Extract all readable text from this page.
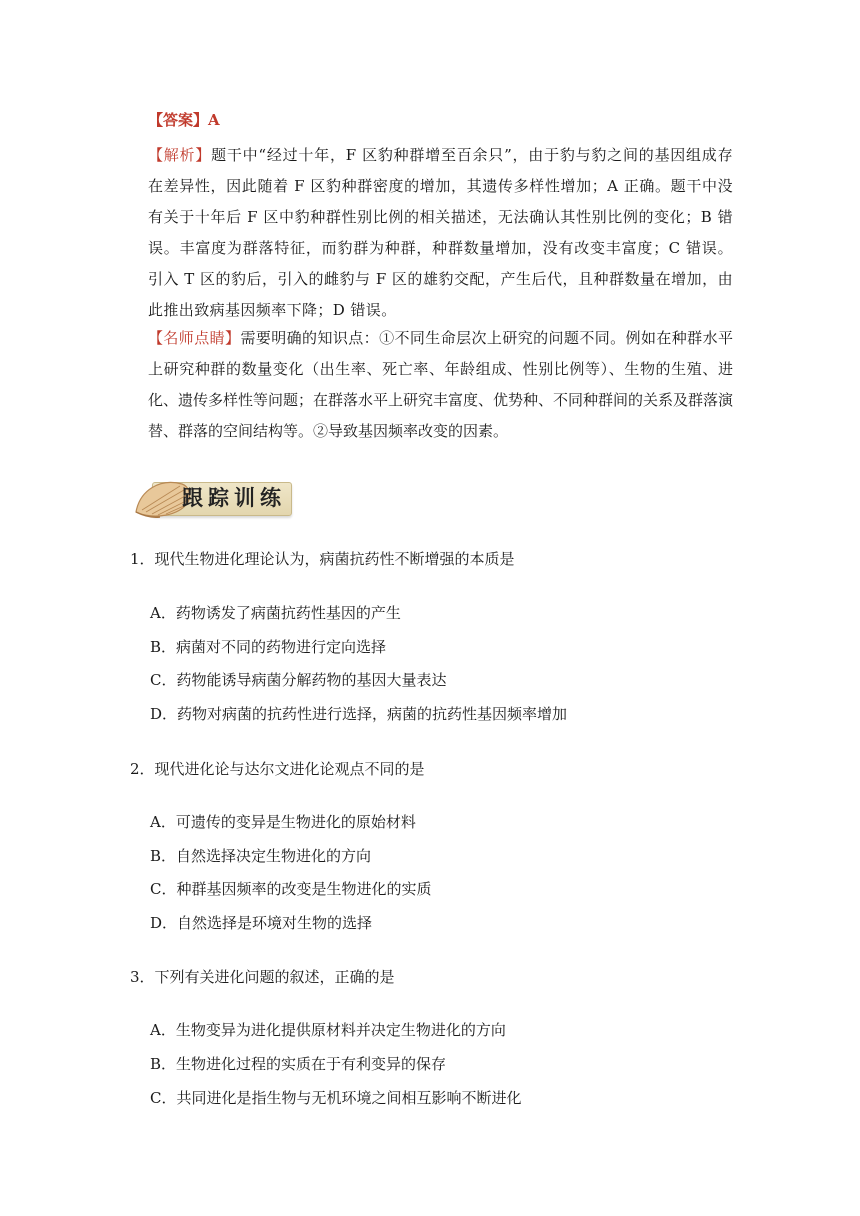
【答案】A
【解析】题干中“经过十年，F 区豹种群增至百余只”，由于豹与豹之间的基因组成存在差异性，因此随着 F 区豹种群密度的增加，其遗传多样性增加；A 正确。题干中没有关于十年后 F 区中豹种群性别比例的相关描述，无法确认其性别比例的变化；B 错误。丰富度为群落特征，而豹群为种群，种群数量增加，没有改变丰富度；C 错误。引入 T 区的豹后，引入的雌豹与 F 区的雄豹交配，产生后代，且种群数量在增加，由此推出致病基因频率下降；D 错误。
【名师点睛】需要明确的知识点：①不同生命层次上研究的问题不同。例如在种群水平上研究种群的数量变化（出生率、死亡率、年龄组成、性别比例等）、生物的生殖、进化、遗传多样性等问题；在群落水平上研究丰富度、优势种、不同种群间的关系及群落演替、群落的空间结构等。②导致基因频率改变的因素。
跟踪训练
1．现代生物进化理论认为，病菌抗药性不断增强的本质是
A．药物诱发了病菌抗药性基因的产生
B．病菌对不同的药物进行定向选择
C．药物能诱导病菌分解药物的基因大量表达
D．药物对病菌的抗药性进行选择，病菌的抗药性基因频率增加
2．现代进化论与达尔文进化论观点不同的是
A．可遗传的变异是生物进化的原始材料
B．自然选择决定生物进化的方向
C．种群基因频率的改变是生物进化的实质
D．自然选择是环境对生物的选择
3．下列有关进化问题的叙述，正确的是
A．生物变异为进化提供原材料并决定生物进化的方向
B．生物进化过程的实质在于有利变异的保存
C．共同进化是指生物与无机环境之间相互影响不断进化
